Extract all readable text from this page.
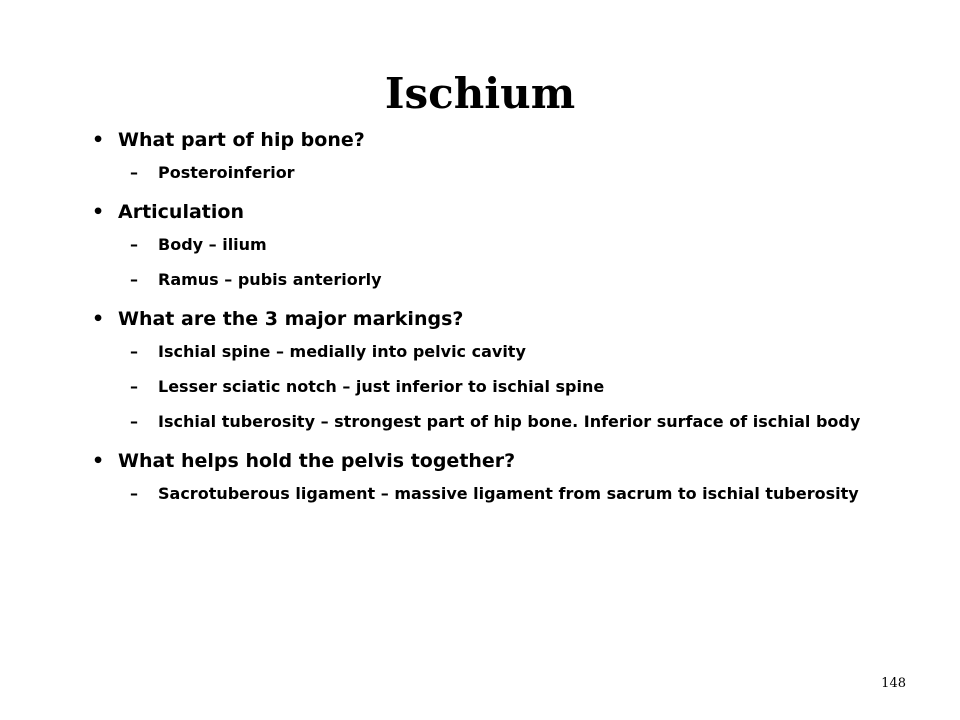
Ischium
• What part of hip bone?
– Posteroinferior
• Articulation
– Body – ilium
– Ramus – pubis anteriorly
• What are the 3 major markings?
– Ischial spine – medially into pelvic cavity
– Lesser sciatic notch – just inferior to ischial spine
– Ischial tuberosity – strongest part of hip bone. Inferior surface of ischial body
• What helps hold the pelvis together?
– Sacrotuberous ligament – massive ligament from sacrum to ischial tuberosity
148
